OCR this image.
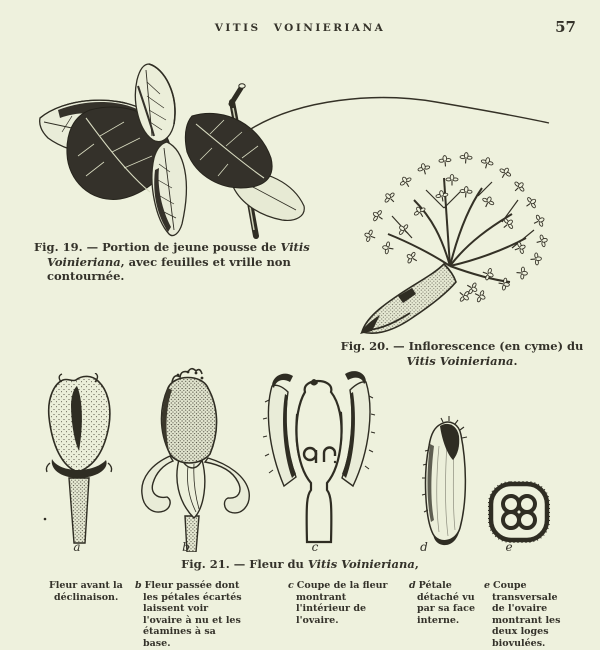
VITIS VOINIERIANA	57
Fig. 19. — Portion de jeune pousse de Vitis Voinieriana, avec feuilles et vrille non contournée.
Fig. 20. — Inflorescence (en cyme) du Vitis Voinieriana.
a	b	c	d	e
Fig. 21. — Fleur du Vitis Voinieriana,
Fleur avant la déclinaison.
b Fleur passée dont les pétales écartés laissent voir l'ovaire à nu et les étamines à sa base.
c Coupe de la fleur montrant l'intérieur de l'ovaire.
d Pétale détaché vu par sa face interne.
e Coupe transversale de l'ovaire montrant les deux loges biovulées.
